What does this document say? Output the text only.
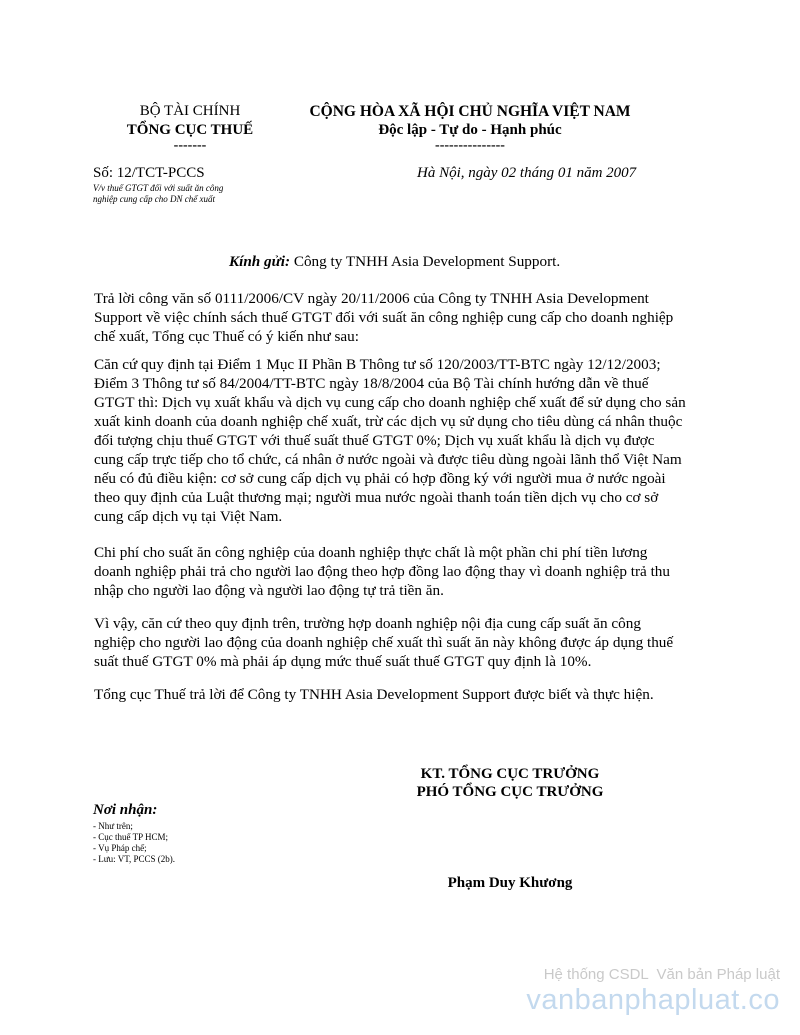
BỘ TÀI CHÍNH
TỔNG CỤC THUẾ
-------
Số: 12/TCT-PCCS
V/v thuế GTGT đối với suất ăn công
nghiệp cung cấp cho DN chế xuất
CỘNG HÒA XÃ HỘI CHỦ NGHĨA VIỆT NAM
Độc lập - Tự do - Hạnh phúc
---------------
Hà Nội, ngày 02 tháng 01 năm 2007
Kính gửi: Công ty TNHH Asia Development Support.
Trả lời công văn số 0111/2006/CV ngày 20/11/2006 của Công ty TNHH Asia Development
Support về việc chính sách thuế GTGT đối với suất ăn công nghiệp cung cấp cho doanh nghiệp
chế xuất, Tổng cục Thuế có ý kiến như sau:
Căn cứ quy định tại Điểm 1 Mục II Phần B Thông tư số 120/2003/TT-BTC ngày 12/12/2003;
Điểm 3 Thông tư số 84/2004/TT-BTC ngày 18/8/2004 của Bộ Tài chính hướng dẫn về thuế
GTGT thì: Dịch vụ xuất khẩu và dịch vụ cung cấp cho doanh nghiệp chế xuất để sử dụng cho sản
xuất kinh doanh của doanh nghiệp chế xuất, trừ các dịch vụ sử dụng cho tiêu dùng cá nhân thuộc
đối tượng chịu thuế GTGT với thuế suất thuế GTGT 0%; Dịch vụ xuất khẩu là dịch vụ được
cung cấp trực tiếp cho tổ chức, cá nhân ở nước ngoài và được tiêu dùng ngoài lãnh thổ Việt Nam
nếu có đủ điều kiện: cơ sở cung cấp dịch vụ phải có hợp đồng ký với người mua ở nước ngoài
theo quy định của Luật thương mại; người mua nước ngoài thanh toán tiền dịch vụ cho cơ sở
cung cấp dịch vụ tại Việt Nam.
Chi phí cho suất ăn công nghiệp của doanh nghiệp thực chất là một phần chi phí tiền lương
doanh nghiệp phải trả cho người lao động theo hợp đồng lao động thay vì doanh nghiệp trả thu
nhập cho người lao động và người lao động tự trả tiền ăn.
Vì vậy, căn cứ theo quy định trên, trường hợp doanh nghiệp nội địa cung cấp suất ăn công
nghiệp cho người lao động của doanh nghiệp chế xuất thì suất ăn này không được áp dụng thuế
suất thuế GTGT 0% mà phải áp dụng mức thuế suất thuế GTGT quy định là 10%.
Tổng cục Thuế trả lời để Công ty TNHH Asia Development Support được biết và thực hiện.
KT. TỔNG CỤC TRƯỞNG
PHÓ TỔNG CỤC TRƯỞNG
Phạm Duy Khương
Nơi nhận:
- Như trên;
- Cục thuế TP HCM;
- Vụ Pháp chế;
- Lưu: VT, PCCS (2b).
Hệ thống CSDL  Văn bản Pháp luật
vanbanphapluat.co
